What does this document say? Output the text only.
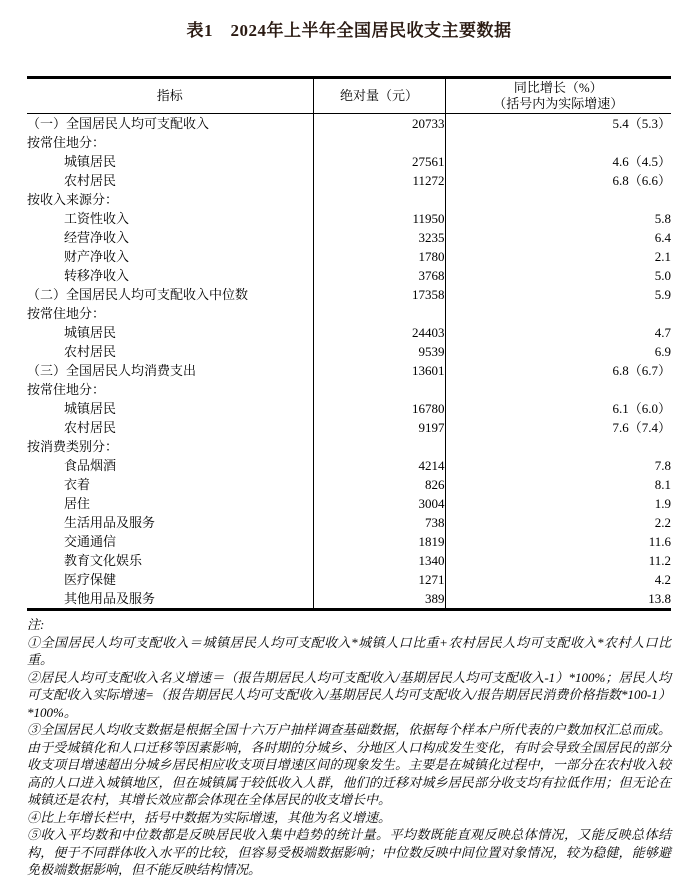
表1　2024年上半年全国居民收支主要数据
指标	绝对量（元）	同比增长（%）
（括号内为实际增速）

（一）全国居民人均可支配收入	20733	5.4（5.3）
按常住地分：		
城镇居民	27561	4.6（4.5）
农村居民	11272	6.8（6.6）
按收入来源分：		
工资性收入	11950	5.8
经营净收入	3235	6.4
财产净收入	1780	2.1
转移净收入	3768	5.0
（二）全国居民人均可支配收入中位数	17358	5.9
按常住地分：		
城镇居民	24403	4.7
农村居民	9539	6.9
（三）全国居民人均消费支出	13601	6.8（6.7）
按常住地分：		
城镇居民	16780	6.1（6.0）
农村居民	9197	7.6（7.4）
按消费类别分：		
食品烟酒	4214	7.8
衣着	826	8.1
居住	3004	1.9
生活用品及服务	738	2.2
交通通信	1819	11.6
教育文化娱乐	1340	11.2
医疗保健	1271	4.2
其他用品及服务	389	13.8

注:

①全国居民人均可支配收入＝城镇居民人均可支配收入*城镇人口比重+农村居民人均可支配收入*农村人口比重。

②居民人均可支配收入名义增速＝（报告期居民人均可支配收入/基期居民人均可支配收入-1）*100%；居民人均可支配收入实际增速=（报告期居民人均可支配收入/基期居民人均可支配收入/报告期居民消费价格指数*100-1）*100%。

③全国居民人均收支数据是根据全国十六万户抽样调查基础数据，依据每个样本户所代表的户数加权汇总而成。由于受城镇化和人口迁移等因素影响，各时期的分城乡、分地区人口构成发生变化，有时会导致全国居民的部分收支项目增速超出分城乡居民相应收支项目增速区间的现象发生。主要是在城镇化过程中，一部分在农村收入较高的人口进入城镇地区，但在城镇属于较低收入人群，他们的迁移对城乡居民部分收支均有拉低作用；但无论在城镇还是农村，其增长效应都会体现在全体居民的收支增长中。

④比上年增长栏中，括号中数据为实际增速，其他为名义增速。

⑤收入平均数和中位数都是反映居民收入集中趋势的统计量。平均数既能直观反映总体情况，又能反映总体结构，便于不同群体收入水平的比较，但容易受极端数据影响；中位数反映中间位置对象情况，较为稳健，能够避免极端数据影响，但不能反映结构情况。
